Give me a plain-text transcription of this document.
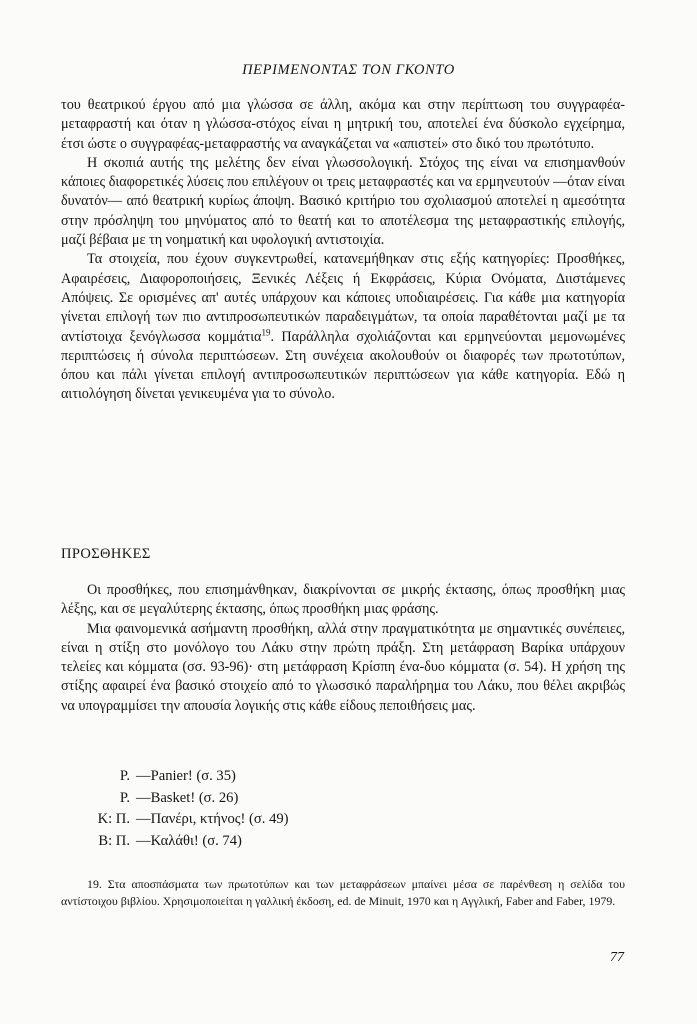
ΠΕΡΙΜΕΝΟΝΤΑΣ ΤΟΝ ΓΚΟΝΤΟ

του θεατρικού έργου από μια γλώσσα σε άλλη, ακόμα και στην περίπτωση του συγγραφέα-μεταφραστή και όταν η γλώσσα-στόχος είναι η μητρική του, αποτελεί ένα δύσκολο εγχείρημα, έτσι ώστε ο συγγραφέας-μεταφραστής να αναγκάζεται να «απιστεί» στο δικό του πρωτότυπο.

Η σκοπιά αυτής της μελέτης δεν είναι γλωσσολογική. Στόχος της είναι να επισημανθούν κάποιες διαφορετικές λύσεις που επιλέγουν οι τρεις μεταφραστές και να ερμηνευτούν —όταν είναι δυνατόν— από θεατρική κυρίως άποψη. Βασικό κριτήριο του σχολιασμού αποτελεί η αμεσότητα στην πρόσληψη του μηνύματος από το θεατή και το αποτέλεσμα της μεταφραστικής επιλογής, μαζί βέβαια με τη νοηματική και υφολογική αντιστοιχία.

Τα στοιχεία, που έχουν συγκεντρωθεί, κατανεμήθηκαν στις εξής κατηγορίες: Προσθήκες, Αφαιρέσεις, Διαφοροποιήσεις, Ξενικές Λέξεις ή Εκφράσεις, Κύρια Ονόματα, Διιστάμενες Απόψεις. Σε ορισμένες απ' αυτές υπάρχουν και κάποιες υποδιαιρέσεις. Για κάθε μια κατηγορία γίνεται επιλογή των πιο αντιπροσωπευτικών παραδειγμάτων, τα οποία παραθέτονται μαζί με τα αντίστοιχα ξενόγλωσσα κομμάτια$^{19}$. Παράλληλα σχολιάζονται και ερμηνεύονται μεμονωμένες περιπτώσεις ή σύνολα περιπτώσεων. Στη συνέχεια ακολουθούν οι διαφορές των πρωτοτύπων, όπου και πάλι γίνεται επιλογή αντιπροσωπευτικών περιπτώσεων για κάθε κατηγορία. Εδώ η αιτιολόγηση δίνεται γενικευμένα για το σύνολο.

ΠΡΟΣΘΗΚΕΣ

Οι προσθήκες, που επισημάνθηκαν, διακρίνονται σε μικρής έκτασης, όπως προσθήκη μιας λέξης, και σε μεγαλύτερης έκτασης, όπως προσθήκη μιας φράσης.

Μια φαινομενικά ασήμαντη προσθήκη, αλλά στην πραγματικότητα με σημαντικές συνέπειες, είναι η στίξη στο μονόλογο του Λάκυ στην πρώτη πράξη. Στη μετάφραση Βαρίκα υπάρχουν τελείες και κόμματα (σσ. 93-96)· στη μετάφραση Κρίσπη ένα-δυο κόμματα (σ. 54). Η χρήση της στίξης αφαιρεί ένα βασικό στοιχείο από το γλωσσικό παραλήρημα του Λάκυ, που θέλει ακριβώς να υπογραμμίσει την απουσία λογικής στις κάθε είδους πεποιθήσεις μας.

P. —Panier! (σ. 35)
P. —Basket! (σ. 26)
K: Π. —Πανέρι, κτήνος! (σ. 49)
B: Π. —Καλάθι! (σ. 74)

19. Στα αποσπάσματα των πρωτοτύπων και των μεταφράσεων μπαίνει μέσα σε παρένθεση η σελίδα του αντίστοιχου βιβλίου. Χρησιμοποιείται η γαλλική έκδοση, ed. de Minuit, 1970 και η Αγγλική, Faber and Faber, 1979.

77
